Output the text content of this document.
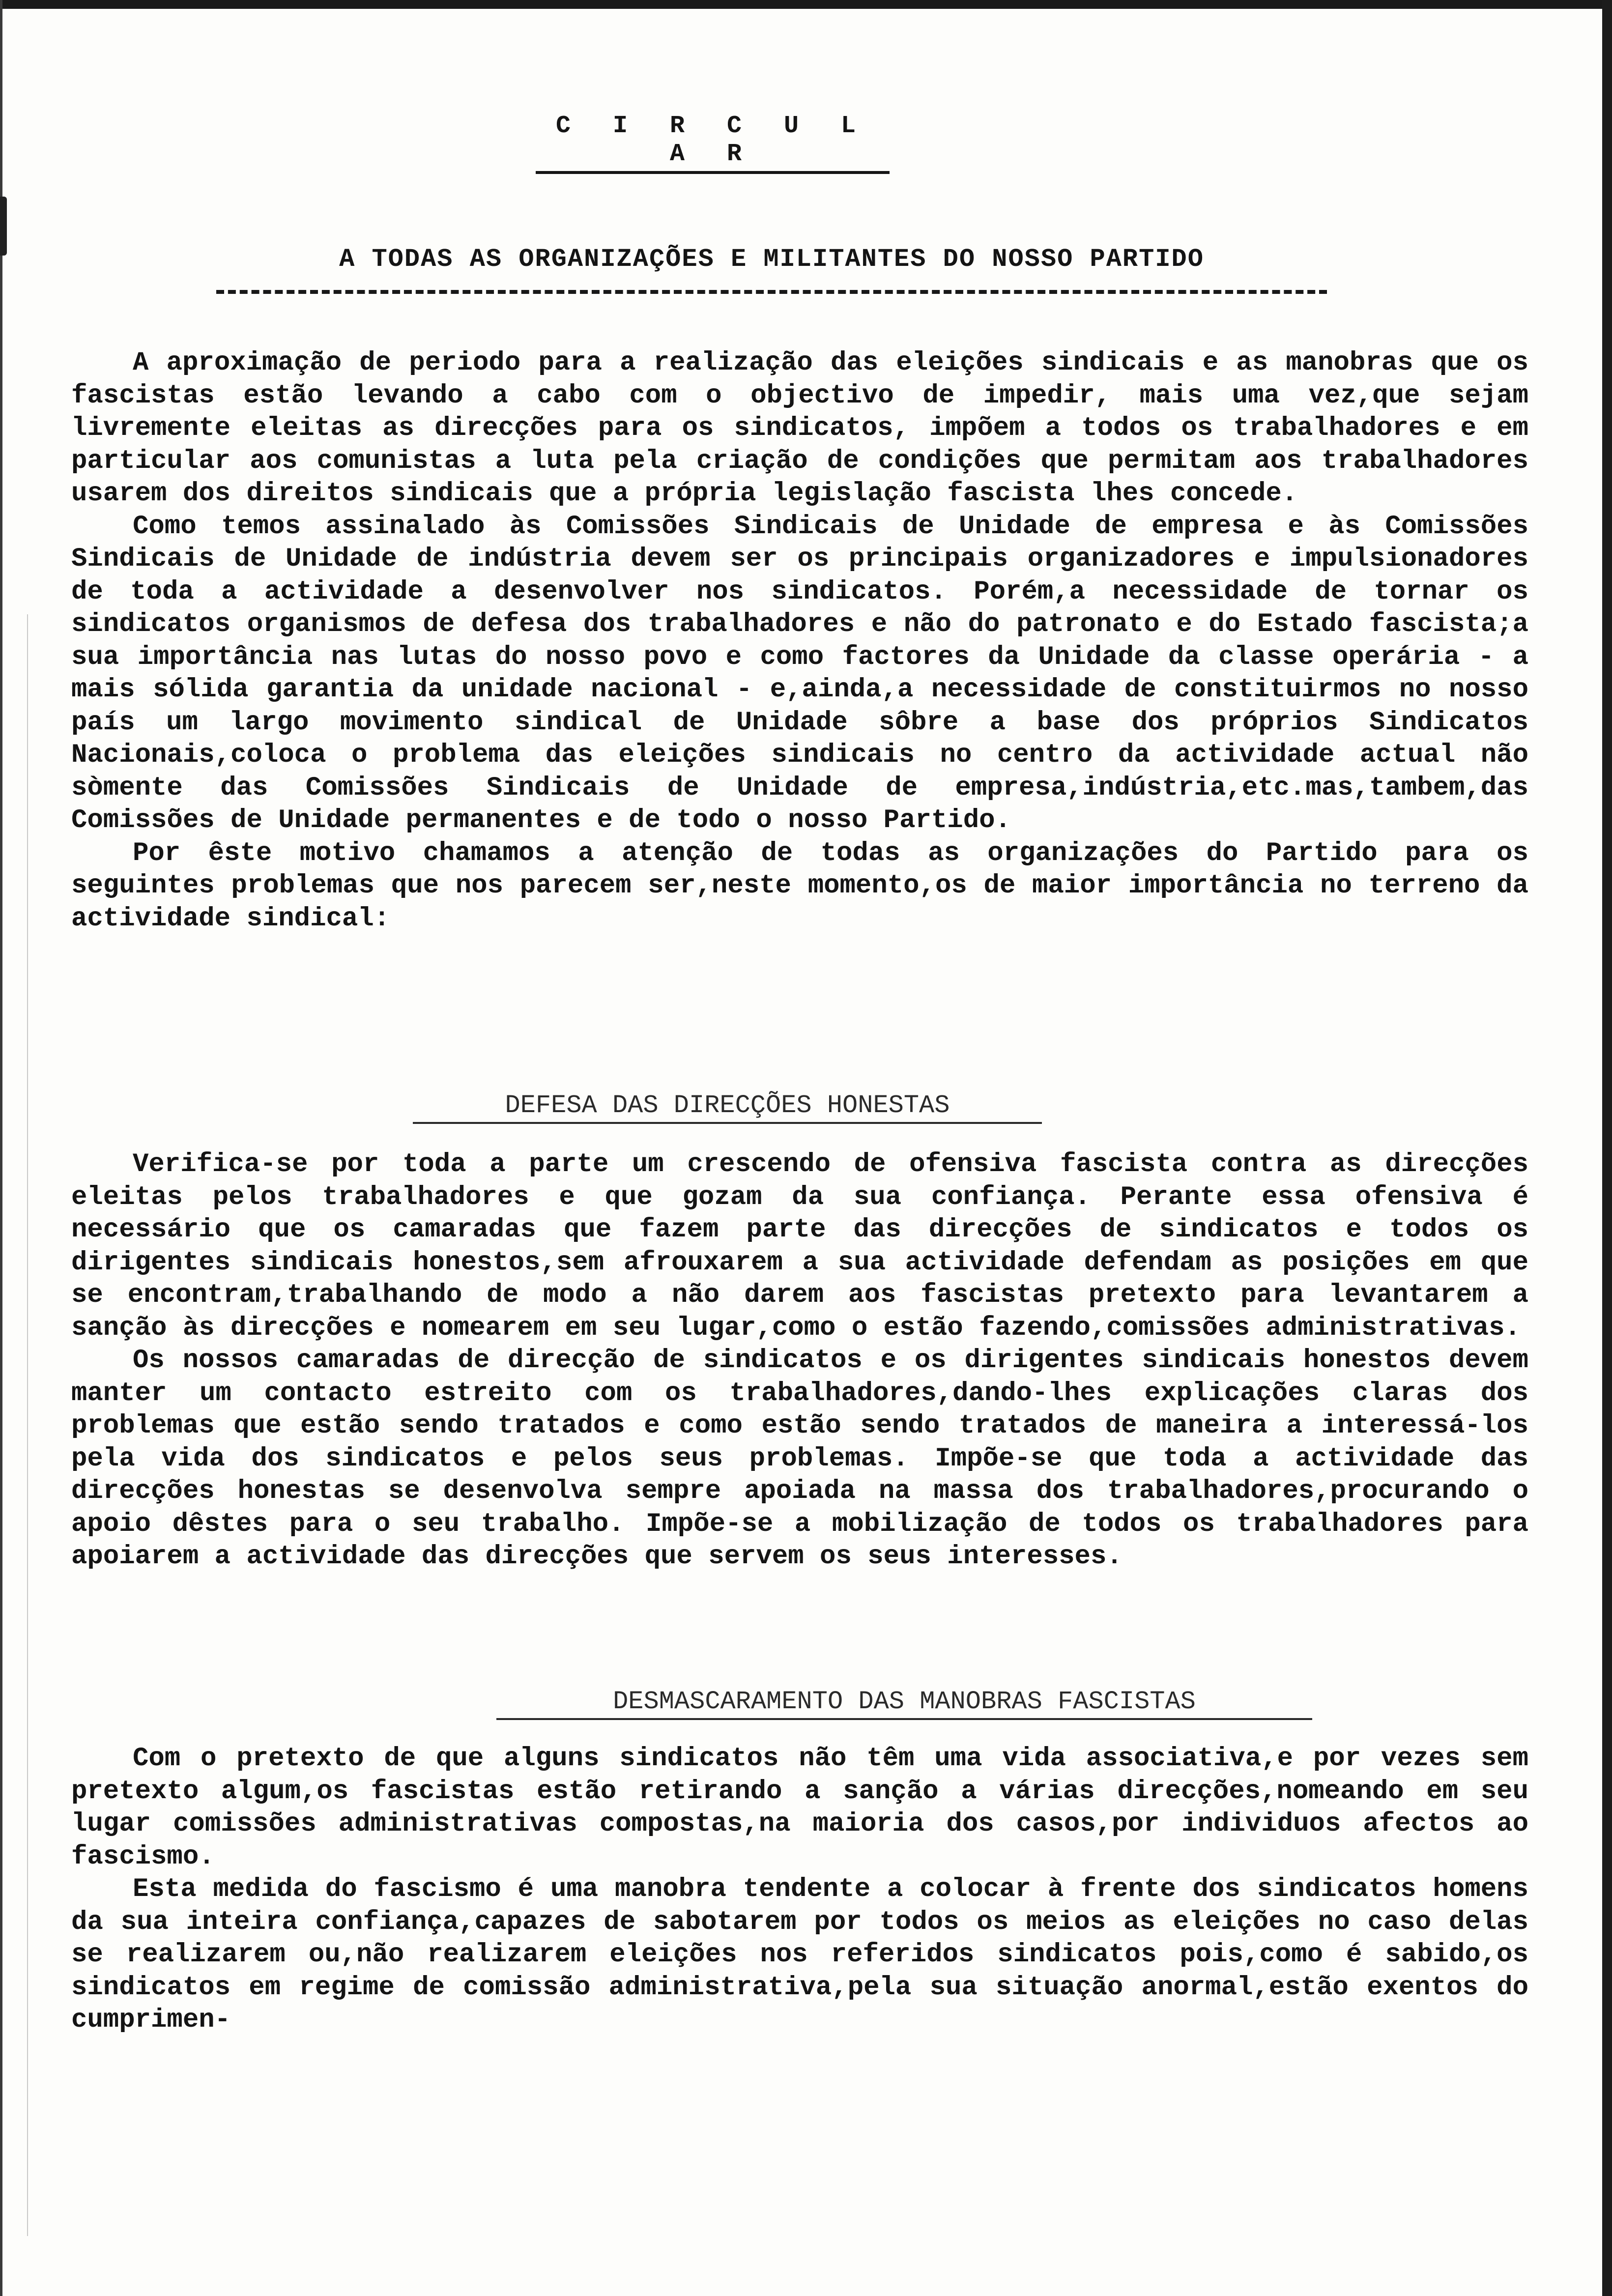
C I R C U L A R
A TODAS AS ORGANIZAÇÕES E MILITANTES DO NOSSO PARTIDO

A aproximação de periodo para a realização das eleições sindicais e as manobras que os fascistas estão levando a cabo com o objectivo de impedir, mais uma vez,que sejam livremente eleitas as direcções para os sindicatos, impõem a todos os trabalhadores e em particular aos comunistas a luta pela criação de condições que permitam aos trabalhadores usarem dos direitos sindicais que a própria legislação fascista lhes concede.

Como temos assinalado às Comissões Sindicais de Unidade de empresa e às Comissões Sindicais de Unidade de indústria devem ser os principais organizadores e impulsionadores de toda a actividade a desenvolver nos sindicatos. Porém,a necessidade de tornar os sindicatos organismos de defesa dos trabalhadores e não do patronato e do Estado fascista;a sua importância nas lutas do nosso povo e como factores da Unidade da classe operária - a mais sólida garantia da unidade nacional - e,ainda,a necessidade de constituirmos no nosso país um largo movimento sindical de Unidade sôbre a base dos próprios Sindicatos Nacionais,coloca o problema das eleições sindicais no centro da actividade actual não sòmente das Comissões Sindicais de Unidade de empresa,indústria,etc.mas,tambem,das Comissões de Unidade permanentes e de todo o nosso Partido.

Por êste motivo chamamos a atenção de todas as organizações do Partido para os seguintes problemas que nos parecem ser,neste momento,os de maior importância no terreno da actividade sindical:

DEFESA DAS DIRECÇÕES HONESTAS

Verifica-se por toda a parte um crescendo de ofensiva fascista contra as direcções eleitas pelos trabalhadores e que gozam da sua confiança. Perante essa ofensiva é necessário que os camaradas que fazem parte das direcções de sindicatos e todos os dirigentes sindicais honestos,sem afrouxarem a sua actividade defendam as posições em que se encontram,trabalhando de modo a não darem aos fascistas pretexto para levantarem a sanção às direcções e nomearem em seu lugar,como o estão fazendo,comissões administrativas.

Os nossos camaradas de direcção de sindicatos e os dirigentes sindicais honestos devem manter um contacto estreito com os trabalhadores,dando-lhes explicações claras dos problemas que estão sendo tratados e como estão sendo tratados de maneira a interessá-los pela vida dos sindicatos e pelos seus problemas. Impõe-se que toda a actividade das direcções honestas se desenvolva sempre apoiada na massa dos trabalhadores,procurando o apoio dêstes para o seu trabalho. Impõe-se a mobilização de todos os trabalhadores para apoiarem a actividade das direcções que servem os seus interesses.

DESMASCARAMENTO DAS MANOBRAS FASCISTAS

Com o pretexto de que alguns sindicatos não têm uma vida associativa,e por vezes sem pretexto algum,os fascistas estão retirando a sanção a várias direcções,nomeando em seu lugar comissões administrativas compostas,na maioria dos casos,por individuos afectos ao fascismo.

Esta medida do fascismo é uma manobra tendente a colocar à frente dos sindicatos homens da sua inteira confiança,capazes de sabotarem por todos os meios as eleições no caso delas se realizarem ou,não realizarem eleições nos referidos sindicatos pois,como é sabido,os sindicatos em regime de comissão administrativa,pela sua situação anormal,estão exentos do cumprimen-
